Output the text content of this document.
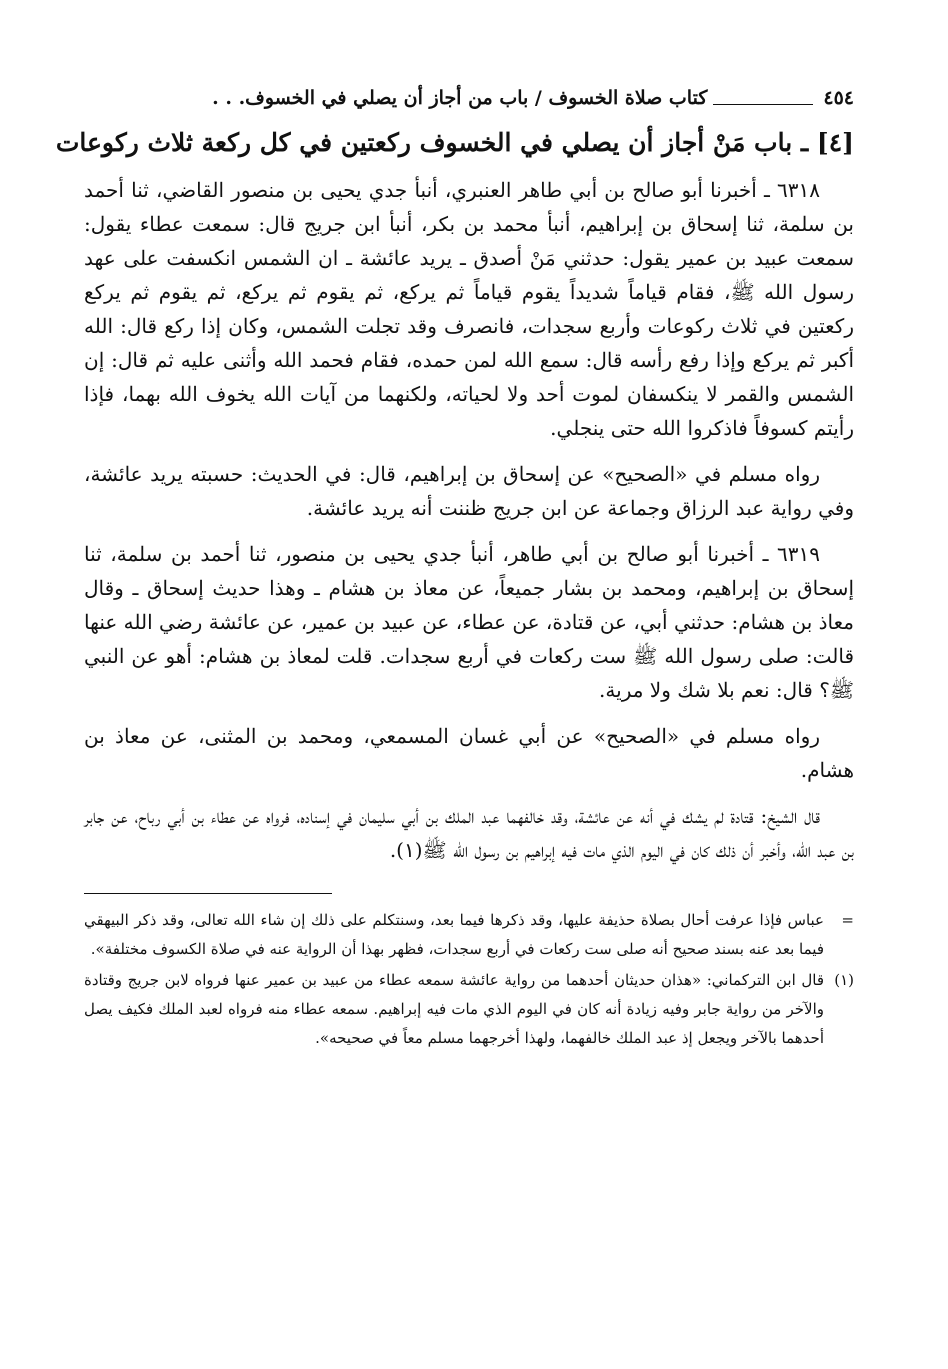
٤٥٤
كتاب صلاة الخسوف / باب من أجاز أن يصلي في الخسوف. . .
[٤] ـ باب مَنْ أجاز أن يصلي في الخسوف ركعتين في كل ركعة ثلاث ركوعات

٦٣١٨ ـ أخبرنا أبو صالح بن أبي طاهر العنبري، أنبأ جدي يحيى بن منصور القاضي، ثنا أحمد بن سلمة، ثنا إسحاق بن إبراهيم، أنبأ محمد بن بكر، أنبأ ابن جريج قال: سمعت عطاء يقول: سمعت عبيد بن عمير يقول: حدثني مَنْ أصدق ـ يريد عائشة ـ ان الشمس انكسفت على عهد رسول الله ﷺ، فقام قياماً شديداً يقوم قياماً ثم يركع، ثم يقوم ثم يركع، ثم يقوم ثم يركع ركعتين في ثلاث ركوعات وأربع سجدات، فانصرف وقد تجلت الشمس، وكان إذا ركع قال: الله أكبر ثم يركع وإذا رفع رأسه قال: سمع الله لمن حمده، فقام فحمد الله وأثنى عليه ثم قال: إن الشمس والقمر لا ينكسفان لموت أحد ولا لحياته، ولكنهما من آيات الله يخوف الله بهما، فإذا رأيتم كسوفاً فاذكروا الله حتى ينجلي.

رواه مسلم في «الصحيح» عن إسحاق بن إبراهيم، قال: في الحديث: حسبته يريد عائشة، وفي رواية عبد الرزاق وجماعة عن ابن جريج ظننت أنه يريد عائشة.

٦٣١٩ ـ أخبرنا أبو صالح بن أبي طاهر، أنبأ جدي يحيى بن منصور، ثنا أحمد بن سلمة، ثنا إسحاق بن إبراهيم، ومحمد بن بشار جميعاً، عن معاذ بن هشام ـ وهذا حديث إسحاق ـ وقال معاذ بن هشام: حدثني أبي، عن قتادة، عن عطاء، عن عبيد بن عمير، عن عائشة رضي الله عنها قالت: صلى رسول الله ﷺ ست ركعات في أربع سجدات. قلت لمعاذ بن هشام: أهو عن النبي ﷺ؟ قال: نعم بلا شك ولا مرية.

رواه مسلم في «الصحيح» عن أبي غسان المسمعي، ومحمد بن المثنى، عن معاذ بن هشام.

قال الشيخ: قتادة لم يشك في أنه عن عائشة، وقد خالفهما عبد الملك بن أبي سليمان في إسناده، فرواه عن عطاء بن أبي رباح، عن جابر بن عبد الله، وأخبر أن ذلك كان في اليوم الذي مات فيه إبراهيم بن رسول الله ﷺ(١).

=
عباس فإذا عرفت أحال بصلاة حذيفة عليها، وقد ذكرها فيما بعد، وسنتكلم على ذلك إن شاء الله تعالى، وقد ذكر البيهقي فيما بعد عنه بسند صحيح أنه صلى ست ركعات في أربع سجدات، فظهر بهذا أن الرواية عنه في صلاة الكسوف مختلفة».
(١)
قال ابن التركماني: «هذان حديثان أحدهما من رواية عائشة سمعه عطاء من عبيد بن عمير عنها فرواه لابن جريج وقتادة والآخر من رواية جابر وفيه زيادة أنه كان في اليوم الذي مات فيه إبراهيم. سمعه عطاء منه فرواه لعبد الملك فكيف يصل أحدهما بالآخر ويجعل إذ عبد الملك خالفهما، ولهذا أخرجهما مسلم معاً في صحيحه».
